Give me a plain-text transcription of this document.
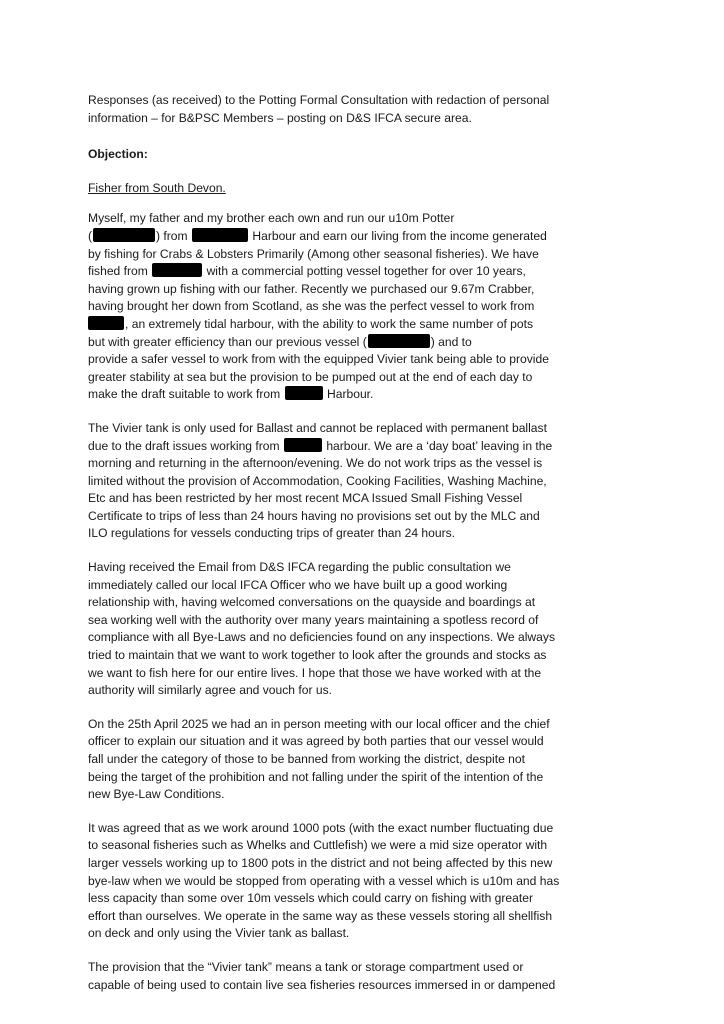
Responses (as received) to the Potting Formal Consultation with redaction of personal
information – for B&PSC Members – posting on D&S IFCA secure area.

Objection:

Fisher from South Devon.

Myself, my father and my brother each own and run our u10m Potter
(	) from	Harbour and earn our living from the income generated
by fishing for Crabs & Lobsters Primarily (Among other seasonal fisheries). We have
fished from	with a commercial potting vessel together for over 10 years,
having grown up fishing with our father. Recently we purchased our 9.67m Crabber,
having brought her down from Scotland, as she was the perfect vessel to work from
, an extremely tidal harbour, with the ability to work the same number of pots
but with greater efficiency than our previous vessel (	) and to
provide a safer vessel to work from with the equipped Vivier tank being able to provide
greater stability at sea but the provision to be pumped out at the end of each day to
make the draft suitable to work from	Harbour.

The Vivier tank is only used for Ballast and cannot be replaced with permanent ballast
due to the draft issues working from	harbour. We are a ‘day boat’ leaving in the
morning and returning in the afternoon/evening. We do not work trips as the vessel is
limited without the provision of Accommodation, Cooking Facilities, Washing Machine,
Etc and has been restricted by her most recent MCA Issued Small Fishing Vessel
Certificate to trips of less than 24 hours having no provisions set out by the MLC and
ILO regulations for vessels conducting trips of greater than 24 hours.

Having received the Email from D&S IFCA regarding the public consultation we
immediately called our local IFCA Officer who we have built up a good working
relationship with, having welcomed conversations on the quayside and boardings at
sea working well with the authority over many years maintaining a spotless record of
compliance with all Bye-Laws and no deficiencies found on any inspections. We always
tried to maintain that we want to work together to look after the grounds and stocks as
we want to fish here for our entire lives. I hope that those we have worked with at the
authority will similarly agree and vouch for us.

On the 25th April 2025 we had an in person meeting with our local officer and the chief
officer to explain our situation and it was agreed by both parties that our vessel would
fall under the category of those to be banned from working the district, despite not
being the target of the prohibition and not falling under the spirit of the intention of the
new Bye-Law Conditions.

It was agreed that as we work around 1000 pots (with the exact number fluctuating due
to seasonal fisheries such as Whelks and Cuttlefish) we were a mid size operator with
larger vessels working up to 1800 pots in the district and not being affected by this new
bye-law when we would be stopped from operating with a vessel which is u10m and has
less capacity than some over 10m vessels which could carry on fishing with greater
effort than ourselves. We operate in the same way as these vessels storing all shellfish
on deck and only using the Vivier tank as ballast.

The provision that the “Vivier tank” means a tank or storage compartment used or
capable of being used to contain live sea fisheries resources immersed in or dampened
